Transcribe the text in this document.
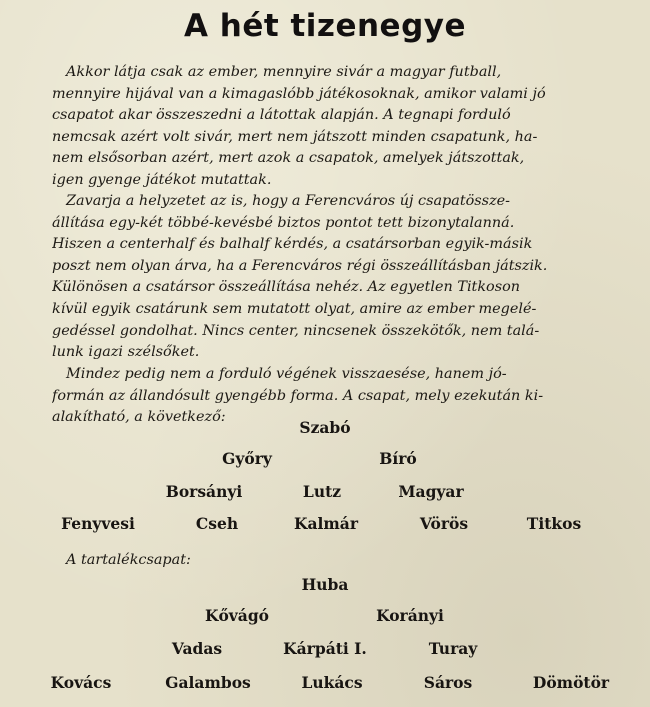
A hét tizenegye

Akkor látja csak az ember, mennyire sivár a magyar futball,
mennyire hijával van a kimagaslóbb játékosoknak, amikor valami jó
csapatot akar összeszedni a látottak alapján. A tegnapi forduló
nemcsak azért volt sivár, mert nem játszott minden csapatunk, ha-
nem elsősorban azért, mert azok a csapatok, amelyek játszottak,
igen gyenge játékot mutattak.

Zavarja a helyzetet az is, hogy a Ferencváros új csapatössze-
állítása egy-két többé-kevésbé biztos pontot tett bizonytalanná.
Hiszen a centerhalf és balhalf kérdés, a csatársorban egyik-másik
poszt nem olyan árva, ha a Ferencváros régi összeállításban játszik.
Különösen a csatársor összeállítása nehéz. Az egyetlen Titkoson
kívül egyik csatárunk sem mutatott olyat, amire az ember megelé-
gedéssel gondolhat. Nincs center, nincsenek összekötők, nem talá-
lunk igazi szélsőket.

Mindez pedig nem a forduló végének visszaesése, hanem jó-
formán az állandósult gyengébb forma. A csapat, mely ezekután ki-
alakítható, a következő:

Szabó
Győry	Bíró
Borsányi	Lutz	Magyar
Fenyvesi	Cseh	Kalmár	Vörös	Titkos
A tartalékcsapat:
Huba
Kővágó	Korányi
Vadas	Kárpáti I.	Turay
Kovács	Galambos	Lukács	Sáros	Dömötör
